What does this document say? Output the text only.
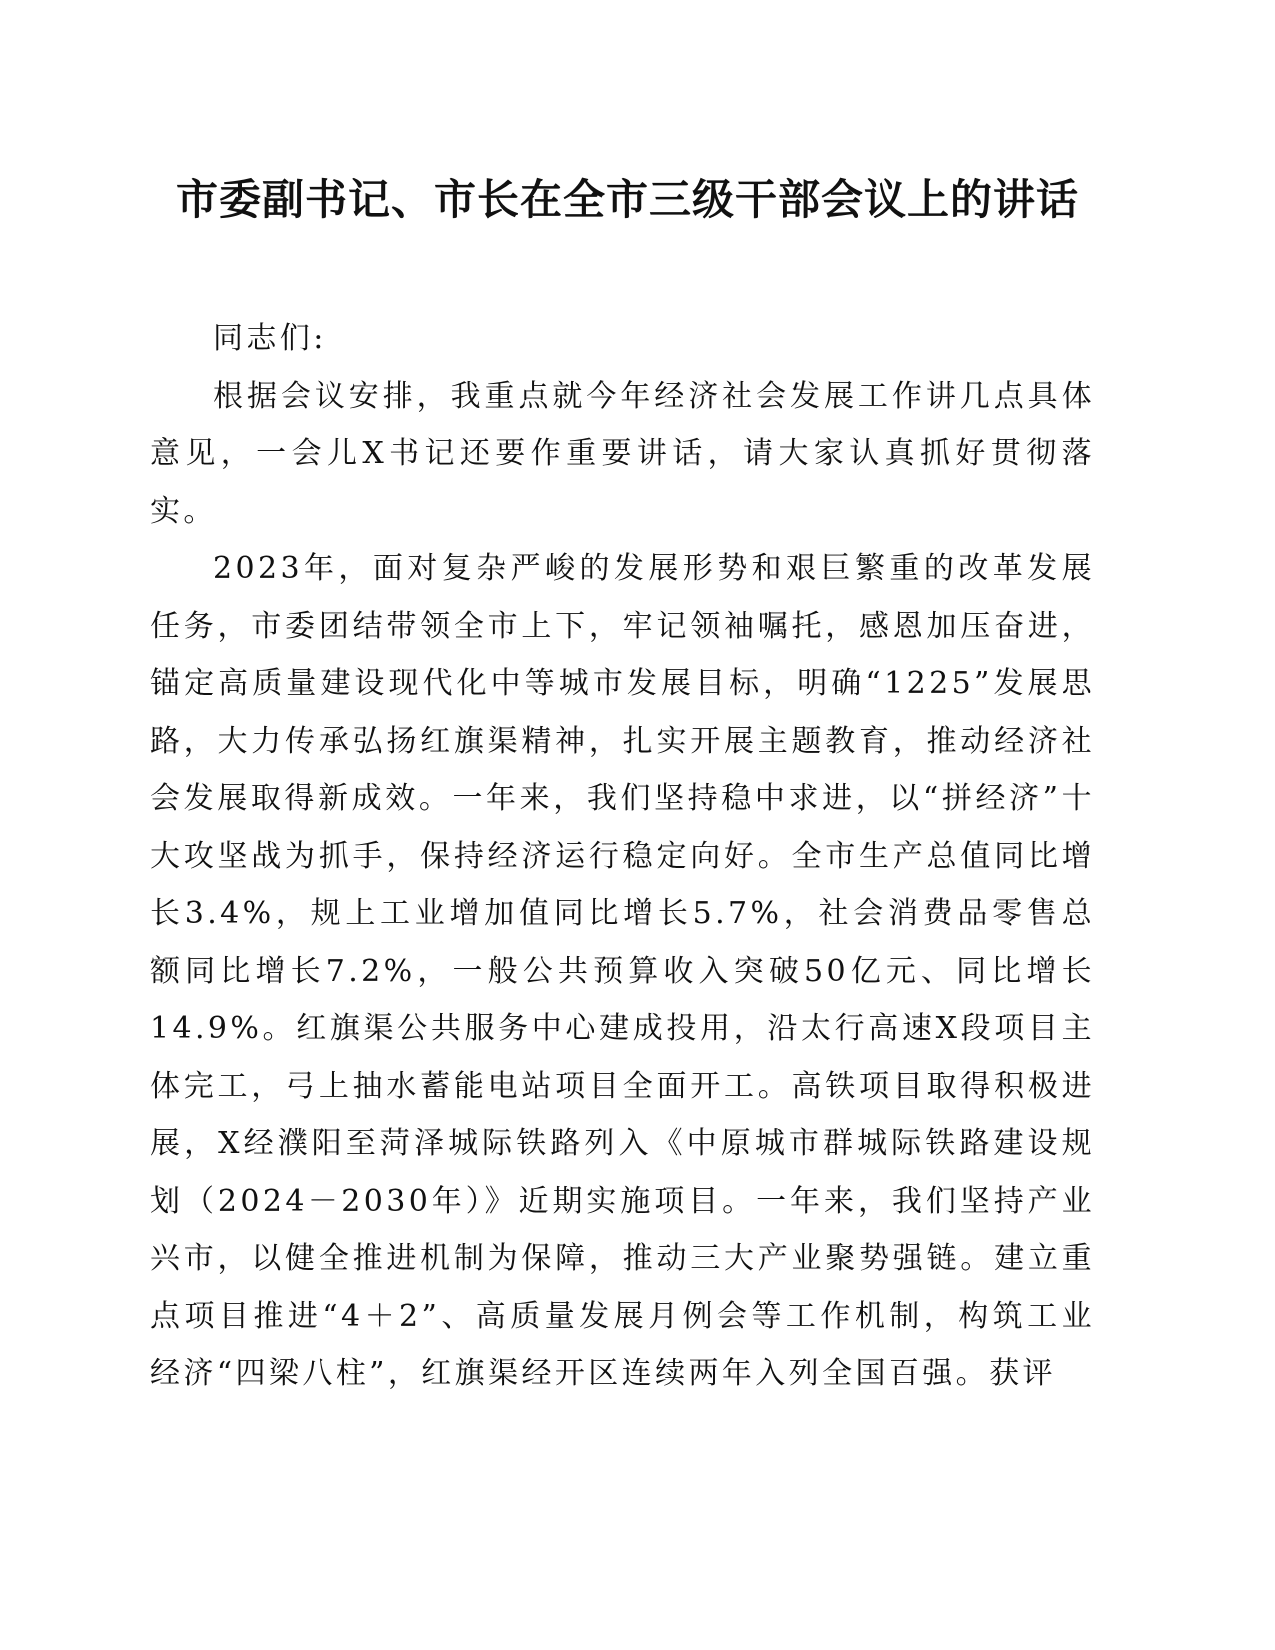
市委副书记、市长在全市三级干部会议上的讲话

同志们:

根据会议安排，我重点就今年经济社会发展工作讲几点具体意见，一会儿X书记还要作重要讲话，请大家认真抓好贯彻落实。

2023年，面对复杂严峻的发展形势和艰巨繁重的改革发展任务，市委团结带领全市上下，牢记领袖嘱托，感恩加压奋进，锚定高质量建设现代化中等城市发展目标，明确“1225”发展思路，大力传承弘扬红旗渠精神，扎实开展主题教育，推动经济社会发展取得新成效。一年来，我们坚持稳中求进，以“拼经济”十大攻坚战为抓手，保持经济运行稳定向好。全市生产总值同比增长3.4%，规上工业增加值同比增长5.7%，社会消费品零售总额同比增长7.2%，一般公共预算收入突破50亿元、同比增长14.9%。红旗渠公共服务中心建成投用，沿太行高速X段项目主体完工，弓上抽水蓄能电站项目全面开工。高铁项目取得积极进展，X经濮阳至菏泽城际铁路列入《中原城市群城际铁路建设规划（2024－2030年）》近期实施项目。一年来，我们坚持产业兴市，以健全推进机制为保障，推动三大产业聚势强链。建立重点项目推进“4＋2”、高质量发展月例会等工作机制，构筑工业经济“四梁八柱”，红旗渠经开区连续两年入列全国百强。获评
